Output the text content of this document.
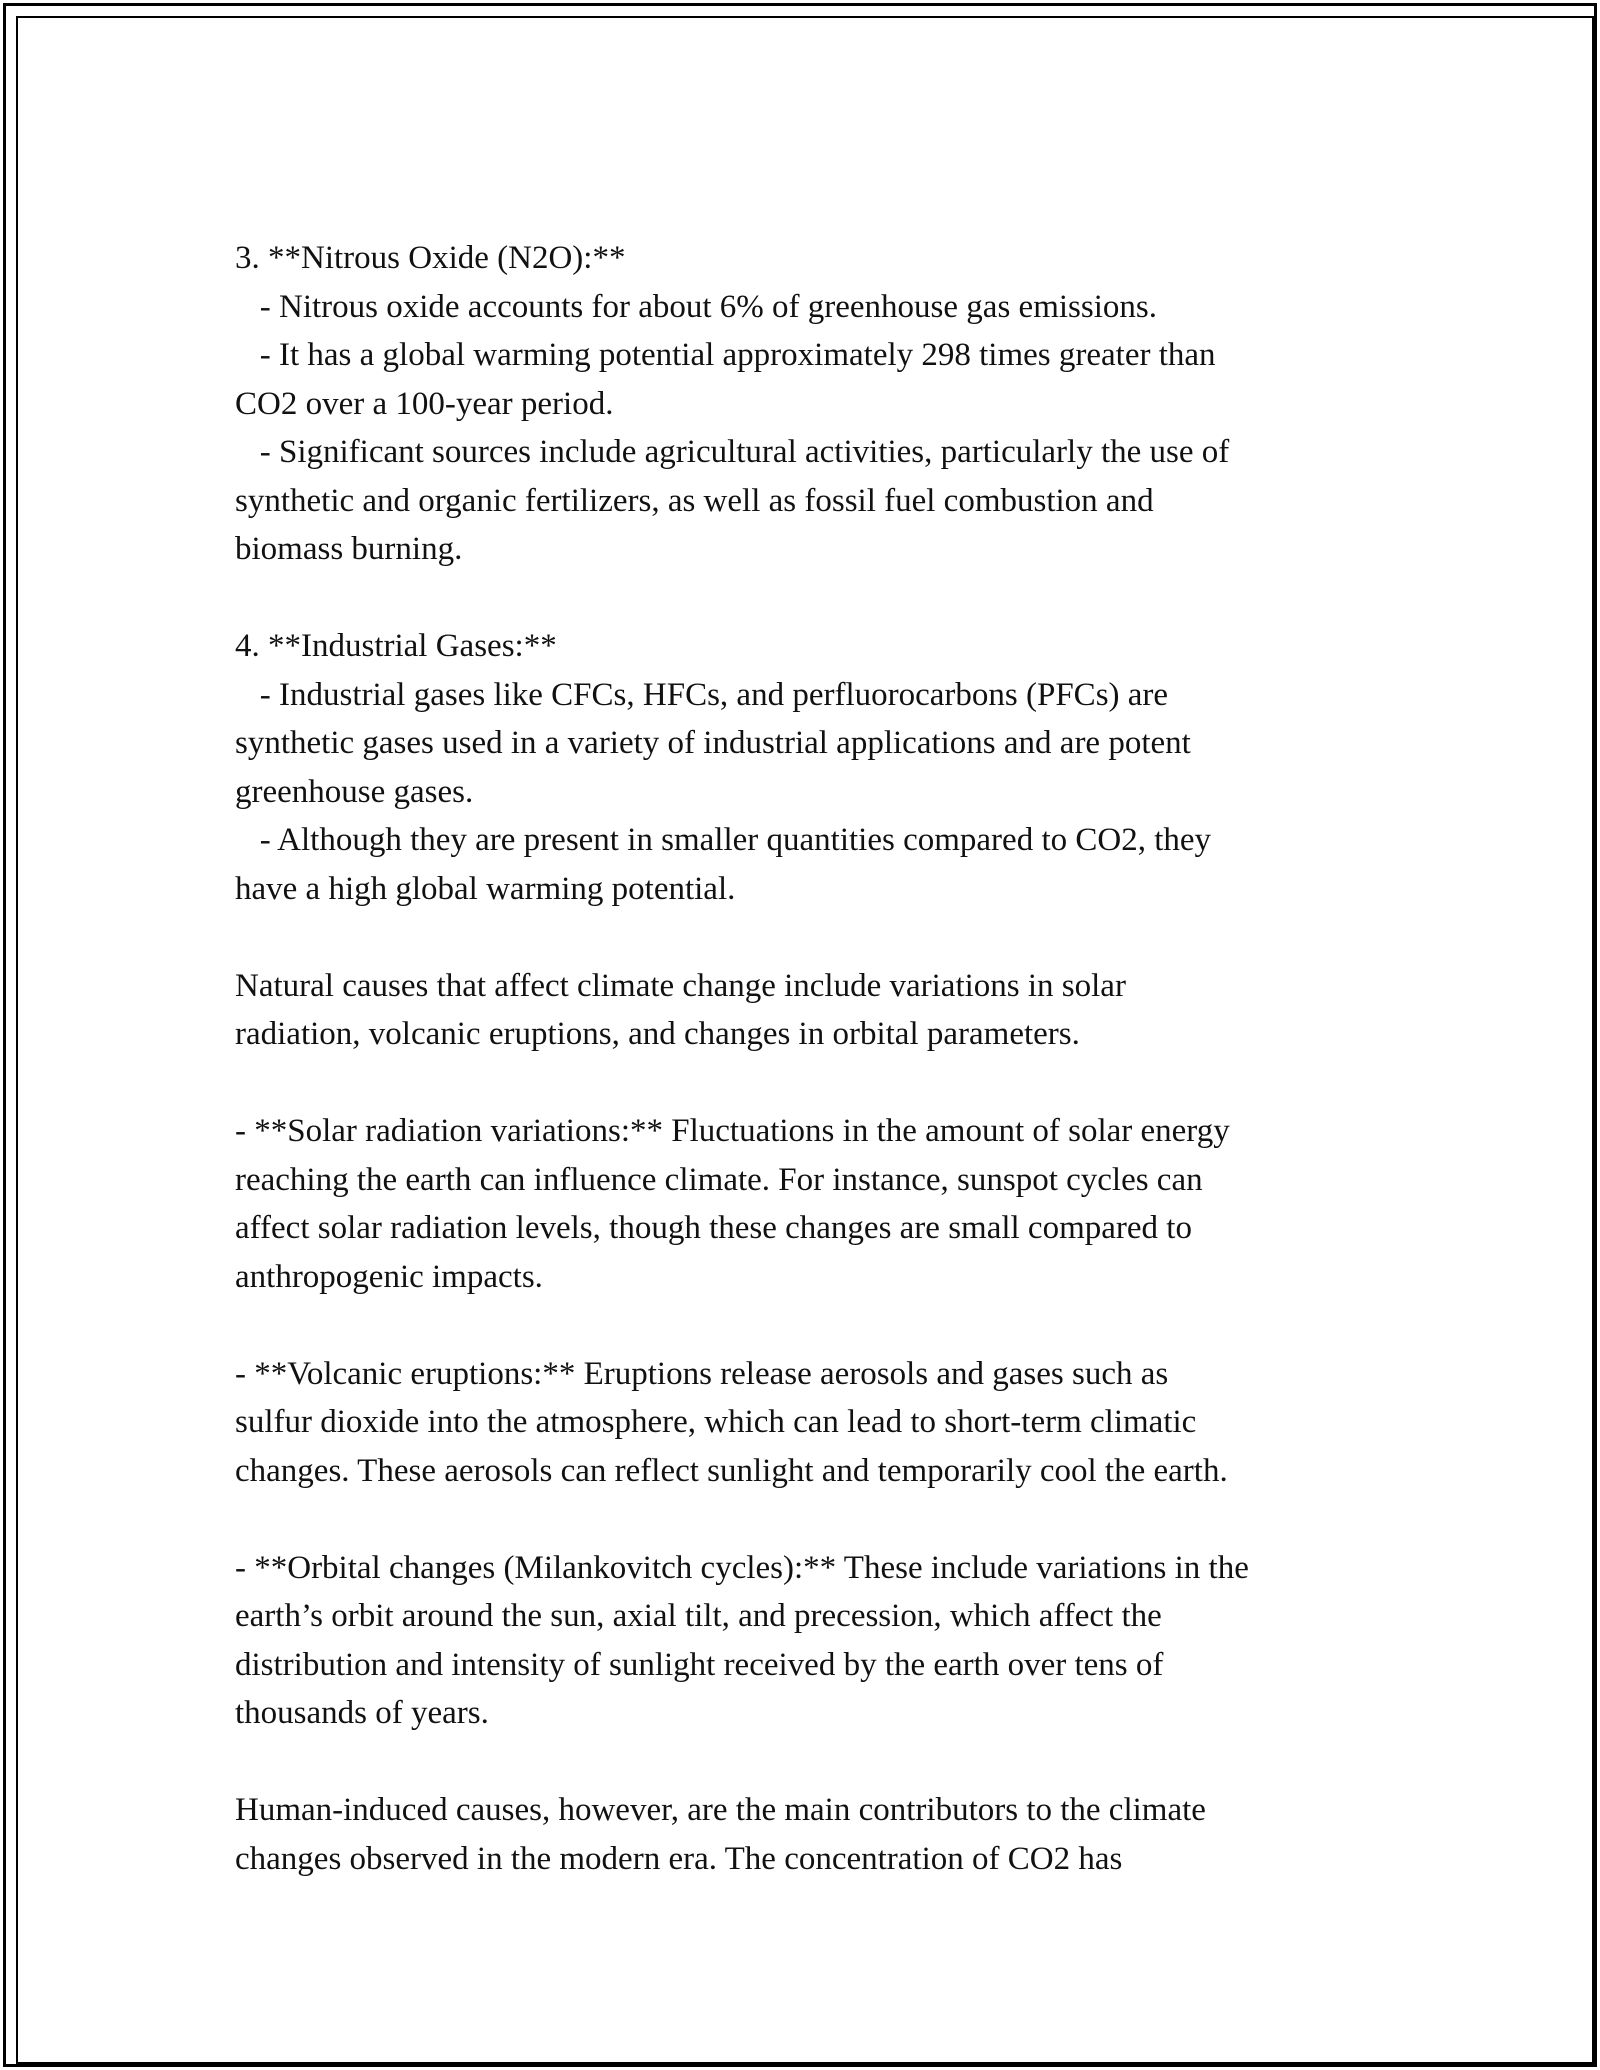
3. **Nitrous Oxide (N2O):**
- Nitrous oxide accounts for about 6% of greenhouse gas emissions.
- It has a global warming potential approximately 298 times greater than
CO2 over a 100-year period.
- Significant sources include agricultural activities, particularly the use of
synthetic and organic fertilizers, as well as fossil fuel combustion and
biomass burning.
4. **Industrial Gases:**
- Industrial gases like CFCs, HFCs, and perfluorocarbons (PFCs) are
synthetic gases used in a variety of industrial applications and are potent
greenhouse gases.
- Although they are present in smaller quantities compared to CO2, they
have a high global warming potential.
Natural causes that affect climate change include variations in solar
radiation, volcanic eruptions, and changes in orbital parameters.
- **Solar radiation variations:** Fluctuations in the amount of solar energy
reaching the earth can influence climate. For instance, sunspot cycles can
affect solar radiation levels, though these changes are small compared to
anthropogenic impacts.
- **Volcanic eruptions:** Eruptions release aerosols and gases such as
sulfur dioxide into the atmosphere, which can lead to short-term climatic
changes. These aerosols can reflect sunlight and temporarily cool the earth.
- **Orbital changes (Milankovitch cycles):** These include variations in the
earth’s orbit around the sun, axial tilt, and precession, which affect the
distribution and intensity of sunlight received by the earth over tens of
thousands of years.
Human-induced causes, however, are the main contributors to the climate
changes observed in the modern era. The concentration of CO2 has
